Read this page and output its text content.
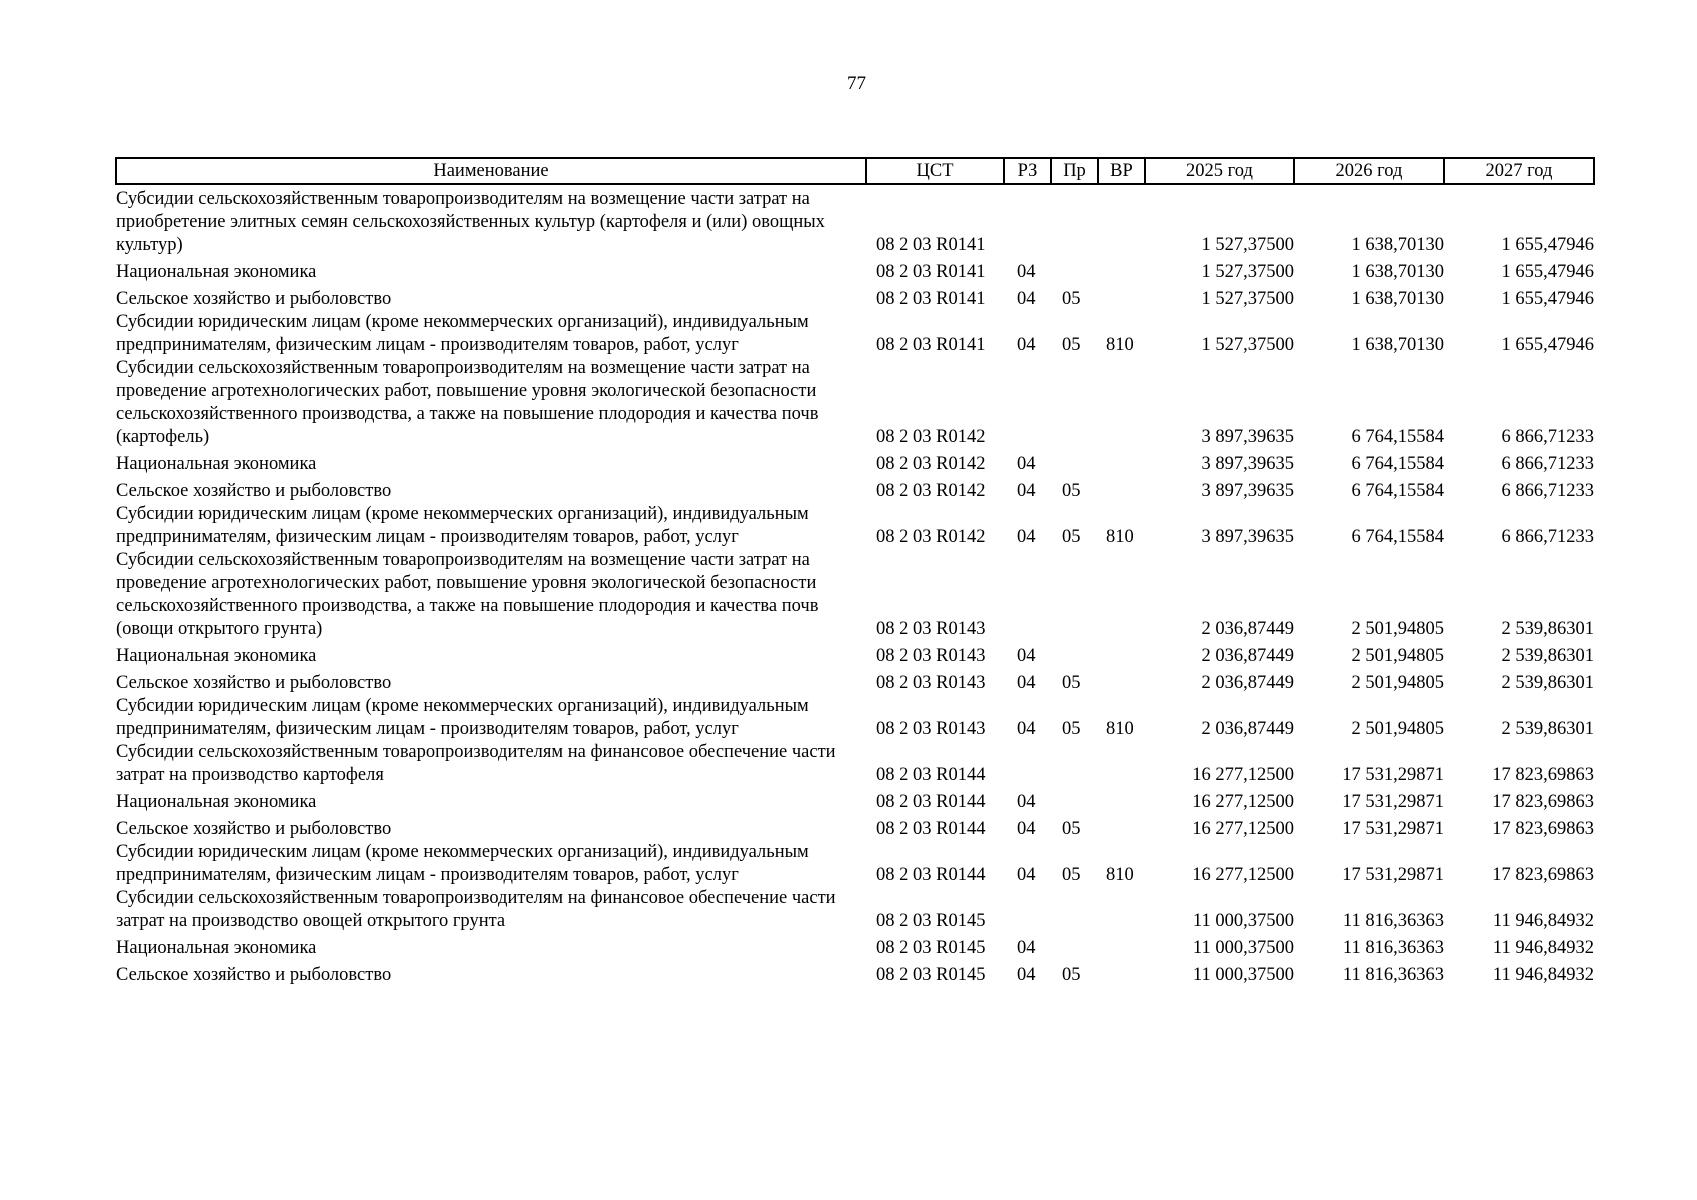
77
Наименование	ЦСТ	РЗ	Пр	ВР	2025 год	2026 год	2027 год
Субсидии сельскохозяйственным товаропроизводителям на возмещение части затрат на приобретение элитных семян сельскохозяйственных культур (картофеля и (или) овощных культур)	08 2 03 R0141				1 527,37500	1 638,70130	1 655,47946
Национальная экономика	08 2 03 R0141	04			1 527,37500	1 638,70130	1 655,47946
Сельское хозяйство и рыболовство	08 2 03 R0141	04	05		1 527,37500	1 638,70130	1 655,47946
Субсидии юридическим лицам (кроме некоммерческих организаций), индивидуальным предпринимателям, физическим лицам - производителям товаров, работ, услуг	08 2 03 R0141	04	05	810	1 527,37500	1 638,70130	1 655,47946
Субсидии сельскохозяйственным товаропроизводителям на возмещение части затрат на проведение агротехнологических работ, повышение уровня экологической безопасности сельскохозяйственного производства, а также на повышение плодородия и качества почв (картофель)	08 2 03 R0142				3 897,39635	6 764,15584	6 866,71233
Национальная экономика	08 2 03 R0142	04			3 897,39635	6 764,15584	6 866,71233
Сельское хозяйство и рыболовство	08 2 03 R0142	04	05		3 897,39635	6 764,15584	6 866,71233
Субсидии юридическим лицам (кроме некоммерческих организаций), индивидуальным предпринимателям, физическим лицам - производителям товаров, работ, услуг	08 2 03 R0142	04	05	810	3 897,39635	6 764,15584	6 866,71233
Субсидии сельскохозяйственным товаропроизводителям на возмещение части затрат на проведение агротехнологических работ, повышение уровня экологической безопасности сельскохозяйственного производства, а также на повышение плодородия и качества почв (овощи открытого грунта)	08 2 03 R0143				2 036,87449	2 501,94805	2 539,86301
Национальная экономика	08 2 03 R0143	04			2 036,87449	2 501,94805	2 539,86301
Сельское хозяйство и рыболовство	08 2 03 R0143	04	05		2 036,87449	2 501,94805	2 539,86301
Субсидии юридическим лицам (кроме некоммерческих организаций), индивидуальным предпринимателям, физическим лицам - производителям товаров, работ, услуг	08 2 03 R0143	04	05	810	2 036,87449	2 501,94805	2 539,86301
Субсидии сельскохозяйственным товаропроизводителям на финансовое обеспечение части затрат на производство картофеля	08 2 03 R0144				16 277,12500	17 531,29871	17 823,69863
Национальная экономика	08 2 03 R0144	04			16 277,12500	17 531,29871	17 823,69863
Сельское хозяйство и рыболовство	08 2 03 R0144	04	05		16 277,12500	17 531,29871	17 823,69863
Субсидии юридическим лицам (кроме некоммерческих организаций), индивидуальным предпринимателям, физическим лицам - производителям товаров, работ, услуг	08 2 03 R0144	04	05	810	16 277,12500	17 531,29871	17 823,69863
Субсидии сельскохозяйственным товаропроизводителям на финансовое обеспечение части затрат на производство овощей открытого грунта	08 2 03 R0145				11 000,37500	11 816,36363	11 946,84932
Национальная экономика	08 2 03 R0145	04			11 000,37500	11 816,36363	11 946,84932
Сельское хозяйство и рыболовство	08 2 03 R0145	04	05		11 000,37500	11 816,36363	11 946,84932
